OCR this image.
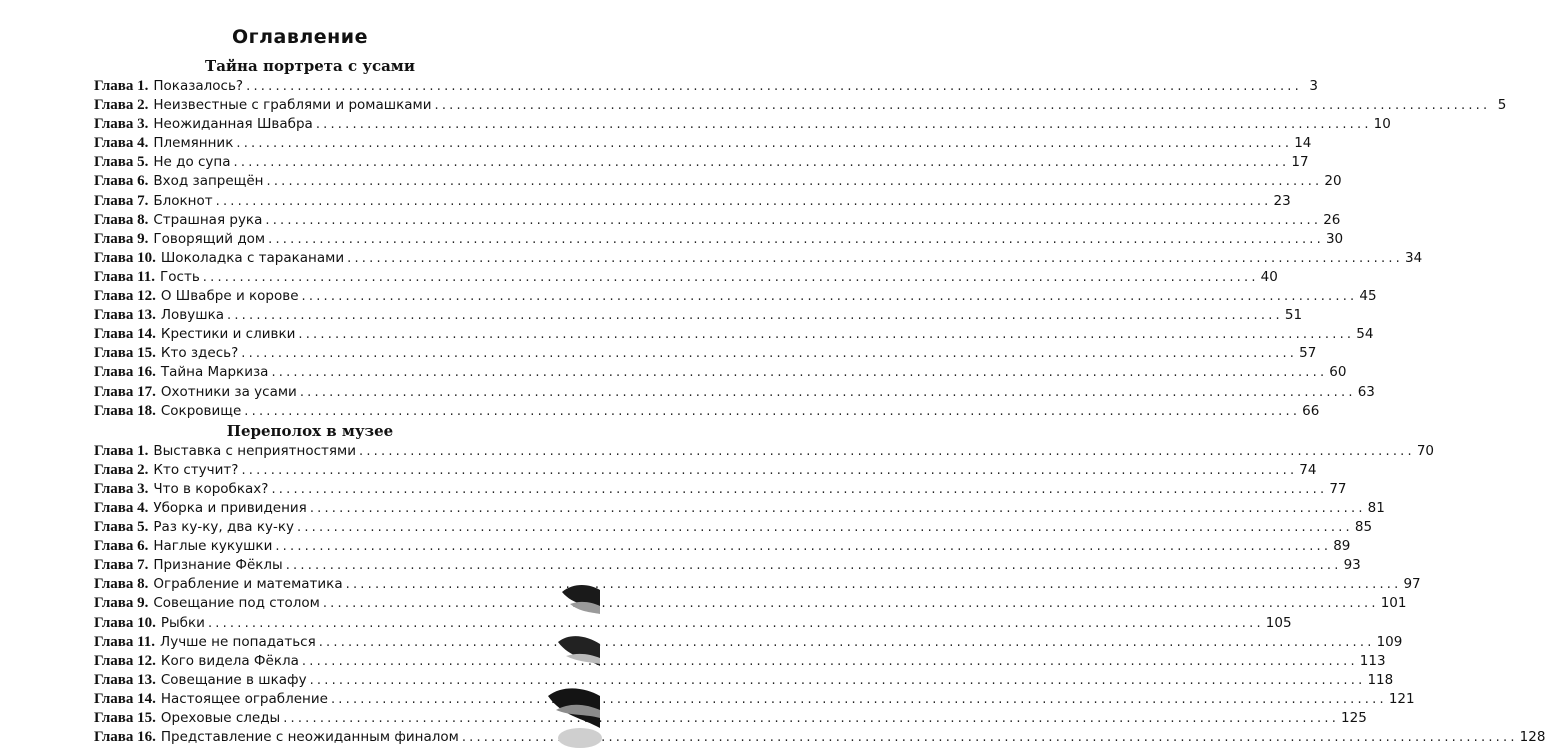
Оглавление
Тайна портрета с усами
Глава 1. Показалось? .....	3
Глава 2. Неизвестные с граблями и ромашками .....	5
Глава 3. Неожиданная Швабра .....	10
Глава 4. Племянник .....	14
Глава 5. Не до супа .....	17
Глава 6. Вход запрещён .....	20
Глава 7. Блокнот .....	23
Глава 8. Страшная рука .....	26
Глава 9. Говорящий дом .....	30
Глава 10. Шоколадка с тараканами .....	34
Глава 11. Гость .....	40
Глава 12. О Швабре и корове .....	45
Глава 13. Ловушка .....	51
Глава 14. Крестики и сливки .....	54
Глава 15. Кто здесь? .....	57
Глава 16. Тайна Маркиза .....	60
Глава 17. Охотники за усами .....	63
Глава 18. Сокровище .....	66
Переполох в музее
Глава 1. Выставка с неприятностями .....	70
Глава 2. Кто стучит? .....	74
Глава 3. Что в коробках? .....	77
Глава 4. Уборка и привидения .....	81
Глава 5. Раз ку-ку, два ку-ку .....	85
Глава 6. Наглые кукушки .....	89
Глава 7. Признание Фёклы .....	93
Глава 8. Ограбление и математика .....	97
Глава 9. Совещание под столом .....	101
Глава 10. Рыбки .....	105
Глава 11. Лучше не попадаться .....	109
Глава 12. Кого видела Фёкла .....	113
Глава 13. Совещание в шкафу .....	118
Глава 14. Настоящее ограбление .....	121
Глава 15. Ореховые следы .....	125
Глава 16. Представление с неожиданным финалом .....	128
